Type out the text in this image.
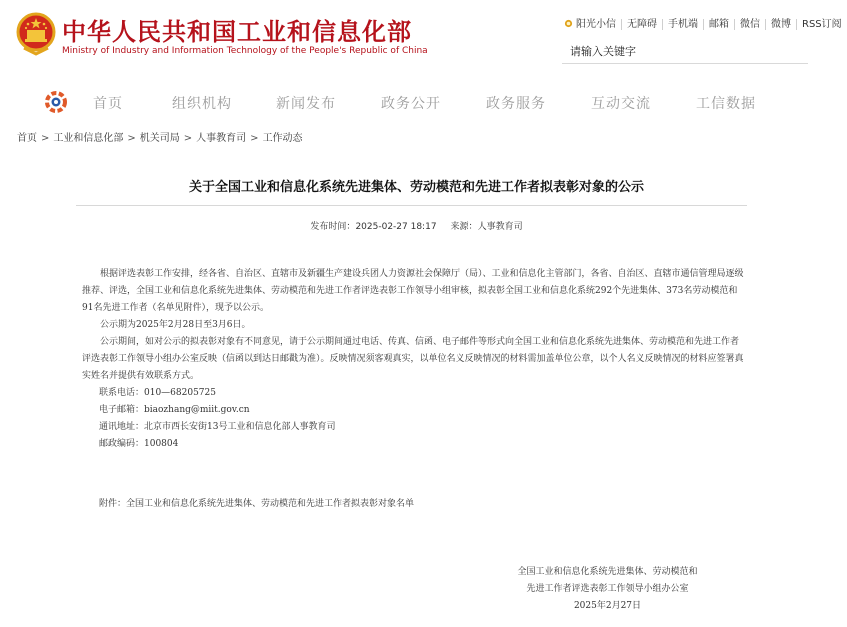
中华人民共和国工业和信息化部
Ministry of Industry and Information Technology of the People's Republic of China
阳光小信	无障碍	手机端	邮箱	微信	微博	RSS订阅
请输入关键字
首页	组织机构	新闻发布	政务公开	政务服务	互动交流	工信数据
首页 > 工业和信息化部 > 机关司局 > 人事教育司 > 工作动态
关于全国工业和信息化系统先进集体、劳动模范和先进工作者拟表彰对象的公示
发布时间：2025-02-27 18:17 来源：人事教育司

根据评选表彰工作安排，经各省、自治区、直辖市及新疆生产建设兵团人力资源社会保障厅（局）、工业和信息化主管部门，各省、自治区、直辖市通信管理局逐级推荐、评选，全国工业和信息化系统先进集体、劳动模范和先进工作者评选表彰工作领导小组审核，拟表彰全国工业和信息化系统292个先进集体、373名劳动模范和91名先进工作者（名单见附件），现予以公示。

公示期为2025年2月28日至3月6日。

公示期间，如对公示的拟表彰对象有不同意见，请于公示期间通过电话、传真、信函、电子邮件等形式向全国工业和信息化系统先进集体、劳动模范和先进工作者评选表彰工作领导小组办公室反映（信函以到达日邮戳为准）。反映情况须客观真实，以单位名义反映情况的材料需加盖单位公章，以个人名义反映情况的材料应签署真实姓名并提供有效联系方式。

联系电话：010—68205725

电子邮箱：biaozhang@miit.gov.cn

通讯地址：北京市西长安街13号工业和信息化部人事教育司

邮政编码：100804

附件：全国工业和信息化系统先进集体、劳动模范和先进工作者拟表彰对象名单
全国工业和信息化系统先进集体、劳动模范和
先进工作者评选表彰工作领导小组办公室
2025年2月27日
